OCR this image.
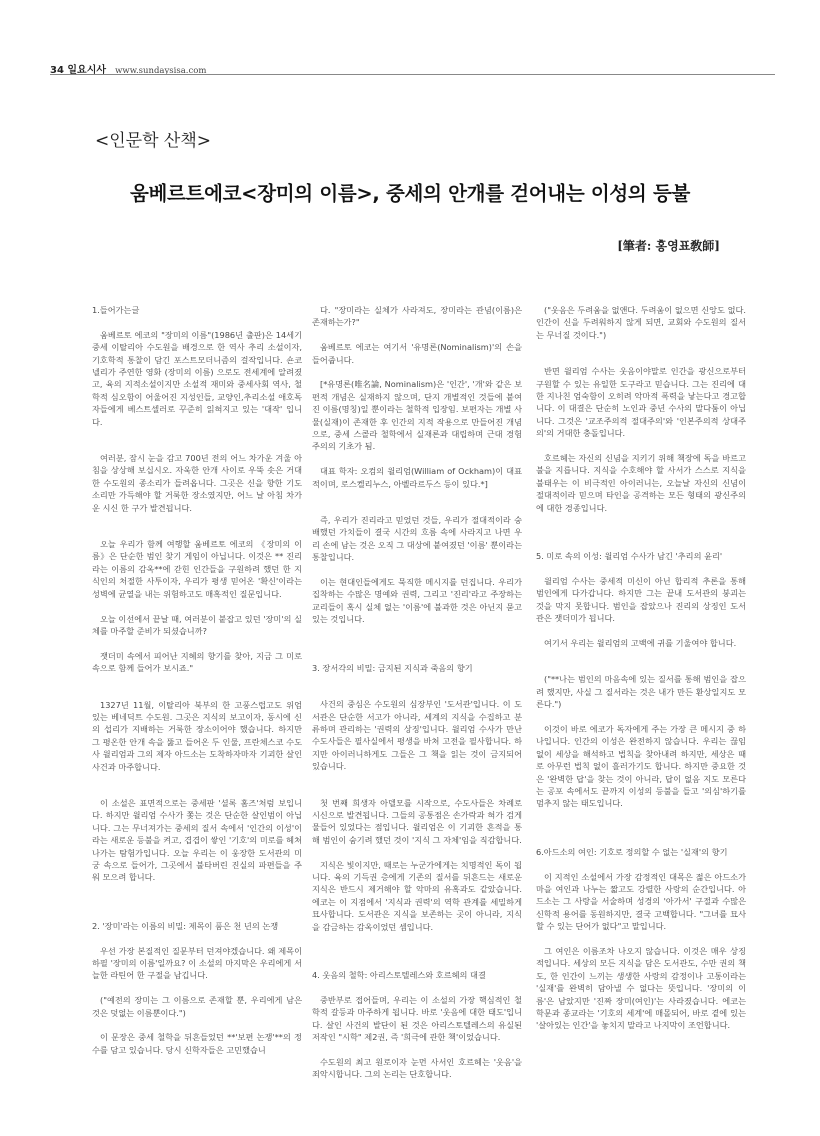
34 일요시사 www.sundaysisa.com
<인문학 산책>
움베르트에코<장미의 이름>, 중세의 안개를 걷어내는 이성의 등불
[筆者: 홍영표敎師]

1.들어가는글

움베르토 에코의 "장미의 이름"(1986년 출판)은 14세기 중세 이탈리아 수도원을 배경으로 한 역사 추리 소설이자, 기호학적 통찰이 담긴 포스트모더니즘의 걸작입니다. 숀코넬리가 주연한 영화 (장미의 이름) 으로도 전세계에 알려졌고, 육의 지적소설이지만 소설적 재미와 중세사회 역사, 철학적 심오함이 어울어진 지성인들, 교양인,추리소설 애호독자들에게 베스트셀러로 꾸준히 읽혀지고 있는 '대작' 입니다.

여러분, 잠시 눈을 감고 700년 전의 어느 차가운 겨울 아침을 상상해 보십시오. 자욱한 안개 사이로 우뚝 솟은 거대한 수도원의 종소리가 들려옵니다. 그곳은 신을 향한 기도 소리만 가득해야 할 거룩한 장소였지만, 어느 날 아침 차가운 시신 한 구가 발견됩니다.

오늘 우리가 함께 여행할 움베르토 에코의 《장미의 이름》은 단순한 범인 찾기 게임이 아닙니다. 이것은 ** 진리라는 이름의 감옥**에 갇힌 인간들을 구원하려 했던 한 지식인의 처절한 사투이자, 우리가 평생 믿어온 '확신'이라는 성벽에 균열을 내는 위험하고도 매혹적인 질문입니다.

오늘 이선에서 끝날 때, 여러분이 붙잡고 있던 '장미'의 실체를 마주할 준비가 되셨습니까?

잿더미 속에서 피어난 지혜의 향기를 찾아, 지금 그 미로 속으로 함께 들어가 보시죠."

1327년 11월, 이탈리아 북부의 한 고풍스럽고도 위엄 있는 베네딕트 수도원. 그곳은 지식의 보고이자, 동시에 신의 섭리가 지배하는 거룩한 장소이어야 했습니다. 하지만 그 평온한 안개 속을 뚫고 들어온 두 인물, 프란체스코 수도사 윌리엄과 그의 제자 아드소는 도착하자마자 기괴한 살인 사건과 마주합니다.

이 소설은 표면적으로는 중세판 '셜록 홈즈'처럼 보입니다. 하지만 윌리엄 수사가 쫓는 것은 단순한 살인범이 아닙니다. 그는 무너져가는 중세의 질서 속에서 '인간의 이성'이라는 새로운 등불을 켜고, 겹겹이 쌓인 '기호'의 미로를 헤쳐 나가는 탐험가입니다. 오늘 우리는 이 웅장한 도서관의 미궁 속으로 들어가, 그곳에서 불타버린 진실의 파편들을 주워 모으려 합니다.

2. '장미'라는 이름의 비밀: 제목이 품은 천 년의 논쟁

우선 가장 본질적인 질문부터 던져야겠습니다. 왜 제목이 하필 '장미의 이름'일까요? 이 소설의 마지막은 우리에게 서늘한 라틴어 한 구절을 남깁니다.

("예전의 장미는 그 이름으로 존재할 뿐, 우리에게 남은 것은 덧없는 이름뿐이다.")

이 문장은 중세 철학을 뒤흔들었던 **'보편 논쟁'**의 정수를 담고 있습니다. 당시 신학자들은 고민했습니

다. "장미라는 실체가 사라져도, 장미라는 관념(이름)은 존재하는가?"

움베르토 에코는 여기서 '유명론(Nominalism)'의 손을 들어줍니다.

[*유명론(唯名論, Nominalism)은 '인간', '개'와 같은 보편적 개념은 실재하지 않으며, 단지 개별적인 것들에 붙여진 이름(명칭)일 뿐이라는 철학적 입장임. 보편자는 개별 사물(실재)이 존재한 후 인간의 지적 작용으로 만들어진 개념으로, 중세 스콜라 철학에서 실재론과 대립하며 근대 경험주의의 기초가 됨.

대표 학자: 오컴의 윌리엄(William of Ockham)이 대표적이며, 로스켈리누스, 아벨라르두스 등이 있다.*]

즉, 우리가 진리라고 믿었던 것들, 우리가 절대적이라 숭배했던 가치들이 결국 시간의 흐름 속에 사라지고 나면 우리 손에 남는 것은 오직 그 대상에 붙여졌던 '이름' 뿐이라는 통찰입니다.

이는 현대인들에게도 묵직한 메시지를 던집니다. 우리가 집착하는 수많은 명예와 권력, 그리고 '진리'라고 주장하는 교리들이 혹시 실체 없는 '이름'에 불과한 것은 아닌지 묻고 있는 것입니다.

3. 장서각의 비밀: 금지된 지식과 죽음의 향기

사건의 중심은 수도원의 심장부인 '도서관'입니다. 이 도서관은 단순한 서고가 아니라, 세계의 지식을 수집하고 분류하며 관리하는 '권력의 상징'입니다. 윌리엄 수사가 만난 수도사들은 필사실에서 평생을 바쳐 고전을 필사합니다. 하지만 아이러니하게도 그들은 그 책을 읽는 것이 금지되어 있습니다.

첫 번째 희생자 아델모를 시작으로, 수도사들은 차례로 시신으로 발견됩니다. 그들의 공통점은 손가락과 혀가 검게 물들어 있었다는 점입니다. 윌리엄은 이 기괴한 흔적을 통해 범인이 숨기려 했던 것이 '지식 그 자체'임을 직감합니다.

지식은 빛이지만, 때로는 누군가에게는 치명적인 독이 됩니다. 육의 기득권 층에게 기존의 질서를 뒤흔드는 새로운 지식은 반드시 제거해야 할 악마의 유혹과도 같았습니다. 에코는 이 지점에서 '지식과 권력'의 역학 관계를 세밀하게 묘사합니다. 도서관은 지식을 보존하는 곳이 아니라, 지식을 감금하는 감옥이었던 셈입니다.

4. 웃음의 철학: 아리스토텔레스와 호르헤의 대결

중반부로 접어들며, 우리는 이 소설의 가장 핵심적인 철학적 갈등과 마주하게 됩니다. 바로 '웃음에 대한 태도'입니다. 살인 사건의 발단이 된 것은 아리스토텔레스의 유실된 저작인 "시학" 제2권, 즉 '희극에 관한 책'이었습니다.

수도원의 최고 원로이자 눈먼 사서인 호르헤는 '웃음'을 죄악시합니다. 그의 논리는 단호합니다.

("웃음은 두려움을 없앤다. 두려움이 없으면 신앙도 없다. 인간이 신을 두려워하지 않게 되면, 교회와 수도원의 질서는 무너질 것이다.")

반면 윌리엄 수사는 웃음이야말로 인간을 광신으로부터 구원할 수 있는 유일한 도구라고 믿습니다. 그는 진리에 대한 지나친 엄숙함이 오히려 악마적 폭력을 낳는다고 경고합니다. 이 대결은 단순히 노인과 중년 수사의 말다툼이 아닙니다. 그것은 '교조주의적 절대주의'와 '인본주의적 상대주의'의 거대한 충돌입니다.

호르헤는 자신의 신념을 지키기 위해 책장에 독을 바르고 불을 지릅니다. 지식을 수호해야 할 사서가 스스로 지식을 불태우는 이 비극적인 아이러니는, 오늘날 자신의 신념이 절대적이라 믿으며 타인을 공격하는 모든 형태의 광신주의에 대한 경종입니다.

5. 미로 속의 이성: 윌리엄 수사가 남긴 '추리의 윤리'

윌리엄 수사는 중세적 미신이 아닌 합리적 추론을 통해 범인에게 다가갑니다. 하지만 그는 끝내 도서관의 붕괴는 것을 막지 못합니다. 범인을 잡았으나 진리의 상징인 도서관은 잿더미가 됩니다.

여기서 우리는 윌리엄의 고백에 귀를 기울여야 합니다.

("**나는 범인의 마음속에 있는 질서를 통해 범인을 잡으려 했지만, 사실 그 질서라는 것은 내가 만든 환상일지도 모른다.")

이것이 바로 에코가 독자에게 주는 가장 큰 메시지 중 하나입니다. 인간의 이성은 완전하지 않습니다. 우리는 끊임없이 세상을 해석하고 법칙을 찾아내려 하지만, 세상은 때로 아무런 법칙 없이 흘러가기도 합니다. 하지만 중요한 것은 '완벽한 답'을 찾는 것이 아니라, 답이 없음 지도 모른다는 공포 속에서도 끝까지 이성의 등불을 들고 '의심'하기를 멈추지 않는 태도입니다.

6.아드소의 여인: 기호로 정의할 수 없는 '실재'의 향기

이 지적인 소설에서 가장 감정적인 대목은 젊은 아드소가 마을 여인과 나누는 짧고도 강렬한 사랑의 순간입니다. 아드소는 그 사랑을 서술하며 성경의 '아가서' 구절과 수많은 신학적 용어를 동원하지만, 결국 고백합니다. "그녀를 묘사할 수 있는 단어가 없다"고 말입니다.

그 여인은 이름조차 나오지 않습니다. 이것은 매우 상징적입니다. 세상의 모든 지식을 담은 도서관도, 수만 권의 책도, 한 인간이 느끼는 생생한 사랑의 감정이나 고통이라는 '실재'를 완벽히 담아낼 수 없다는 뜻입니다. '장미의 이름'은 남았지만 '진짜 장미(여인)'는 사라졌습니다. 에코는 학문과 종교라는 '기호의 세계'에 매몰되어, 바로 곁에 있는 '살아있는 인간'을 놓치지 말라고 나지막이 조언합니다.
